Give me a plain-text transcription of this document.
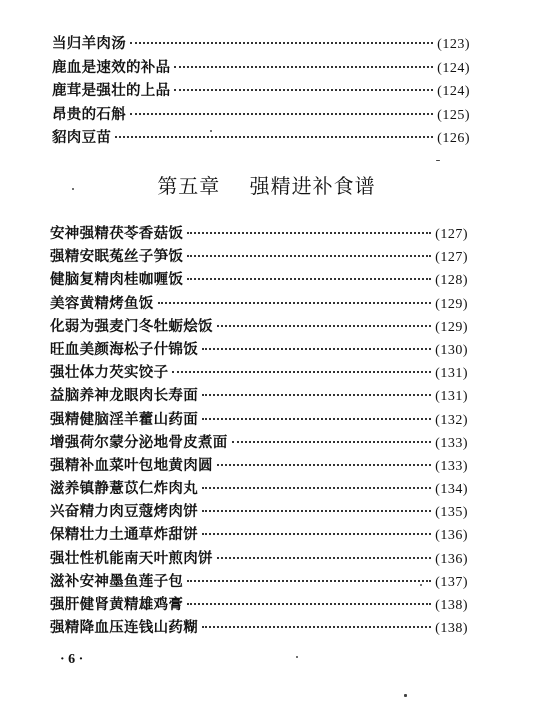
当归羊肉汤	(123)
鹿血是速效的补品	(124)
鹿茸是强壮的上品	(124)
昂贵的石斛	(125)
貂肉豆苗	(126)
第五章 强精进补食谱
安神强精茯苓香菇饭	(127)
强精安眠菟丝子笋饭	(127)
健脑复精肉桂咖喱饭	(128)
美容黄精烤鱼饭	(129)
化弱为强麦门冬牡蛎烩饭	(129)
旺血美颜海松子什锦饭	(130)
强壮体力芡实饺子	(131)
益脑养神龙眼肉长寿面	(131)
强精健脑淫羊藿山药面	(132)
增强荷尔蒙分泌地骨皮煮面	(133)
强精补血菜叶包地黄肉圆	(133)
滋养镇静薏苡仁炸肉丸	(134)
兴奋精力肉豆蔻烤肉饼	(135)
保精壮力土通草炸甜饼	(136)
强壮性机能南天叶煎肉饼	(136)
滋补安神墨鱼莲子包	(137)
强肝健肾黄精雄鸡膏	(138)
强精降血压连钱山药糊	(138)
· 6 ·
